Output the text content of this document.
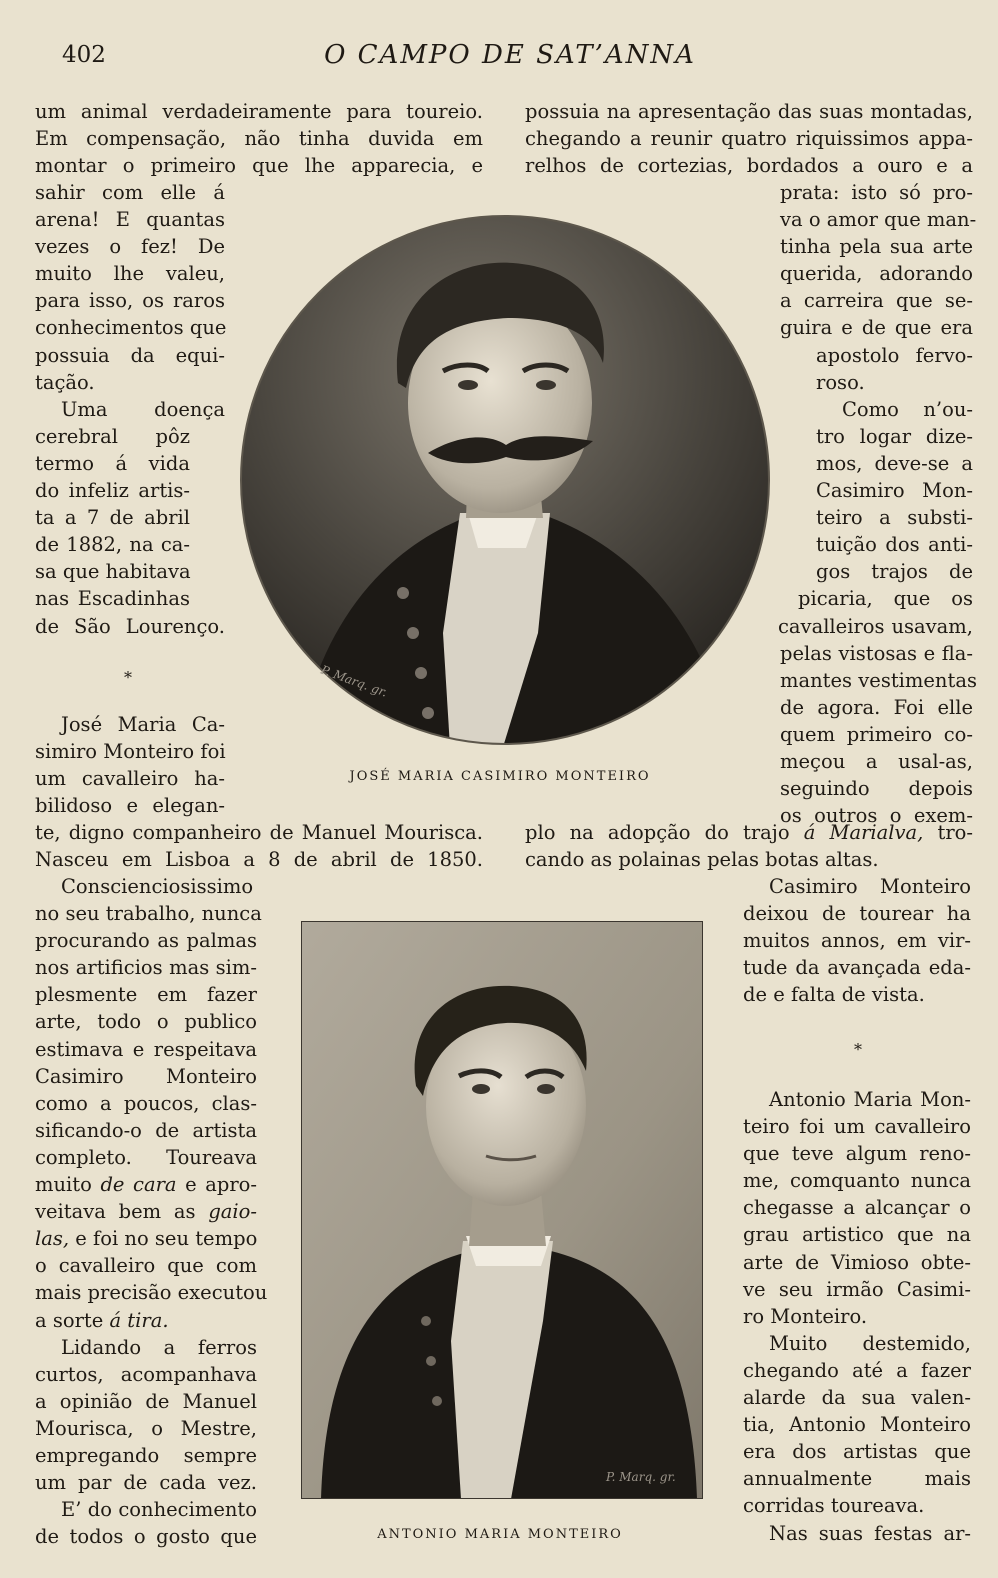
402	O CAMPO DE SAT’ANNA
um animal verdadeiramente para toureio.
Em compensação, não tinha duvida em
montar o primeiro que lhe apparecia, e
possuia na apresentação das suas montadas,
chegando a reunir quatro riquissimos appa-
relhos de cortezias, bordados a ouro e a
sahir com elle á
arena! E quantas
vezes o fez! De
muito lhe valeu,
para isso, os raros
conhecimentos que
possuia da equi-
tação.
Uma doença
cerebral pôz
termo á vida
do infeliz artis-
ta a 7 de abril
de 1882, na ca-
sa que habitava
nas Escadinhas
de São Lourenço.
*
José Maria Ca-
simiro Monteiro foi
um cavalleiro ha-
bilidoso e elegan-
te, digno companheiro de Manuel Mourisca.
Nasceu em Lisboa a 8 de abril de 1850.
Conscienciosissimo
no seu trabalho, nunca
procurando as palmas
nos artificios mas sim-
plesmente em fazer
arte, todo o publico
estimava e respeitava
Casimiro Monteiro
como a poucos, clas-
sificando-o de artista
completo. Toureava
muito de cara e apro-
veitava bem as gaio-
las, e foi no seu tempo
o cavalleiro que com
mais precisão executou
a sorte á tira.
Lidando a ferros
curtos, acompanhava
a opinião de Manuel
Mourisca, o Mestre,
empregando sempre
um par de cada vez.
E’ do conhecimento
de todos o gosto que
prata: isto só pro-
va o amor que man-
tinha pela sua arte
querida, adorando
a carreira que se-
guira e de que era
apostolo fervo-
roso.
Como n’ou-
tro logar dize-
mos, deve-se a
Casimiro Mon-
teiro a substi-
tuição dos anti-
gos trajos de
picaria, que os
cavalleiros usavam,
pelas vistosas e fla-
mantes vestimentas
de agora. Foi elle
quem primeiro co-
meçou a usal-as,
seguindo depois
os outros o exem-
plo na adopção do trajo á Marialva, tro-
cando as polainas pelas botas altas.
Casimiro Monteiro
deixou de tourear ha
muitos annos, em vir-
tude da avançada eda-
de e falta de vista.
*
Antonio Maria Mon-
teiro foi um cavalleiro
que teve algum reno-
me, comquanto nunca
chegasse a alcançar o
grau artistico que na
arte de Vimioso obte-
ve seu irmão Casimi-
ro Monteiro.
Muito destemido,
chegando até a fazer
alarde da sua valen-
tia, Antonio Monteiro
era dos artistas que
annualmente mais
corridas toureava.
Nas suas festas ar-
P. Marq. gr.
JOSÉ MARIA CASIMIRO MONTEIRO
P. Marq. gr.
ANTONIO MARIA MONTEIRO
